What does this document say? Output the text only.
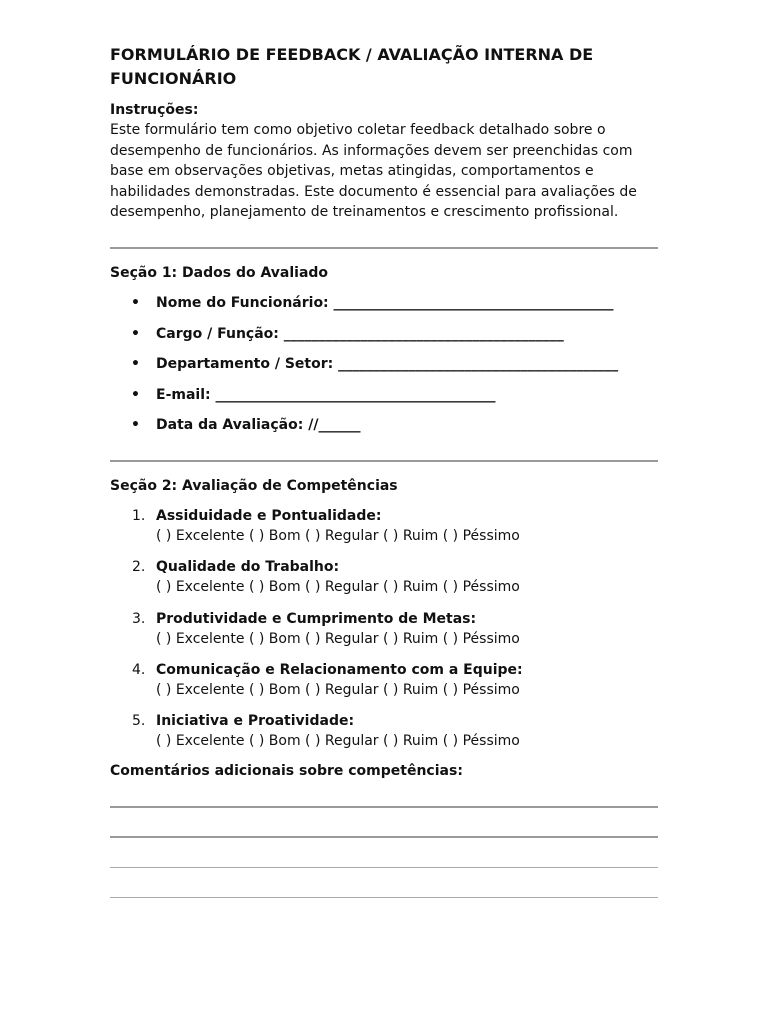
FORMULÁRIO DE FEEDBACK / AVALIAÇÃO INTERNA DE FUNCIONÁRIO
Instruções:

Este formulário tem como objetivo coletar feedback detalhado sobre o desempenho de funcionários. As informações devem ser preenchidas com base em observações objetivas, metas atingidas, comportamentos e habilidades demonstradas. Este documento é essencial para avaliações de desempenho, planejamento de treinamentos e crescimento profissional.

Seção 1: Dados do Avaliado
• Nome do Funcionário: ________________________________________
• Cargo / Função: ________________________________________
• Departamento / Setor: ________________________________________
• E-mail: ________________________________________
• Data da Avaliação: //______
Seção 2: Avaliação de Competências
1. Assiduidade e Pontualidade:
( ) Excelente ( ) Bom ( ) Regular ( ) Ruim ( ) Péssimo
2. Qualidade do Trabalho:
( ) Excelente ( ) Bom ( ) Regular ( ) Ruim ( ) Péssimo
3. Produtividade e Cumprimento de Metas:
( ) Excelente ( ) Bom ( ) Regular ( ) Ruim ( ) Péssimo
4. Comunicação e Relacionamento com a Equipe:
( ) Excelente ( ) Bom ( ) Regular ( ) Ruim ( ) Péssimo
5. Iniciativa e Proatividade:
( ) Excelente ( ) Bom ( ) Regular ( ) Ruim ( ) Péssimo
Comentários adicionais sobre competências:
